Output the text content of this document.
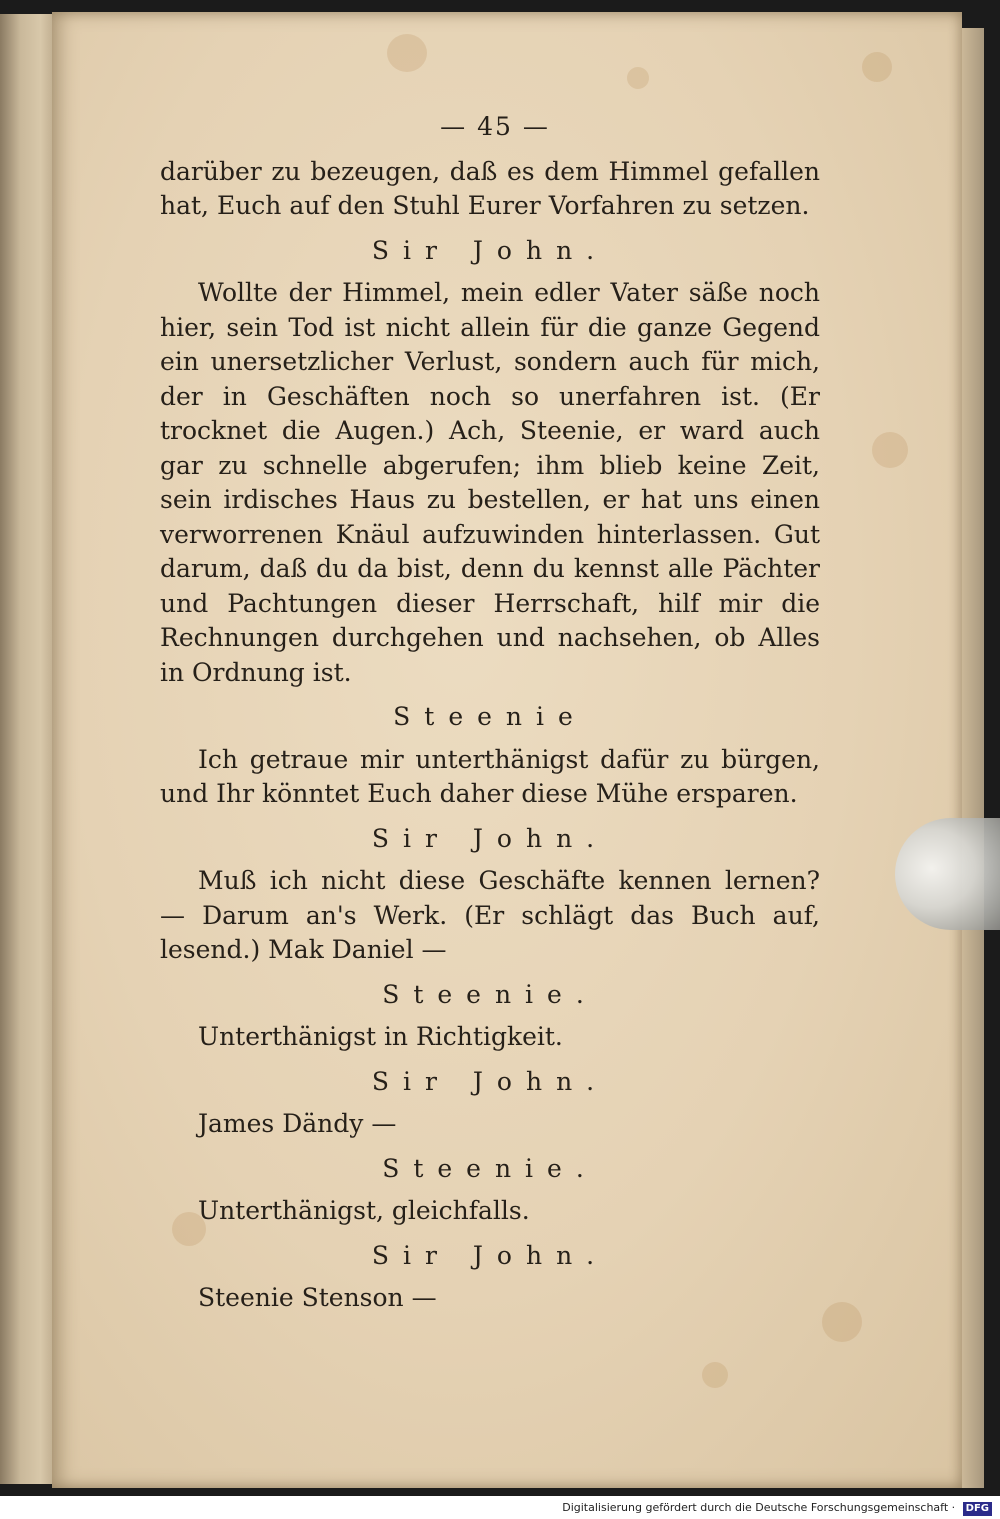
— 45 —

darüber zu bezeugen, daß es dem Himmel gefallen hat, Euch auf den Stuhl Eurer Vorfahren zu setzen.

Sir John.

Wollte der Himmel, mein edler Vater säße noch hier, sein Tod ist nicht allein für die ganze Gegend ein unersetzlicher Verlust, sondern auch für mich, der in Geschäften noch so unerfahren ist. (Er trocknet die Augen.) Ach, Steenie, er ward auch gar zu schnelle abgerufen; ihm blieb keine Zeit, sein irdisches Haus zu bestellen, er hat uns einen verworrenen Knäul aufzuwinden hinterlassen. Gut darum, daß du da bist, denn du kennst alle Pächter und Pachtungen dieser Herrschaft, hilf mir die Rechnungen durchgehen und nachsehen, ob Alles in Ordnung ist.

Steenie

Ich getraue mir unterthänigst dafür zu bürgen, und Ihr könntet Euch daher diese Mühe ersparen.

Sir John.

Muß ich nicht diese Geschäfte kennen lernen? — Darum an's Werk. (Er schlägt das Buch auf, lesend.) Mak Daniel —

Steenie.

Unterthänigst in Richtigkeit.

Sir John.

James Dändy —

Steenie.

Unterthänigst, gleichfalls.

Sir John.

Steenie Stenson —

Digitalisierung gefördert durch die Deutsche Forschungsgemeinschaft · DFG
